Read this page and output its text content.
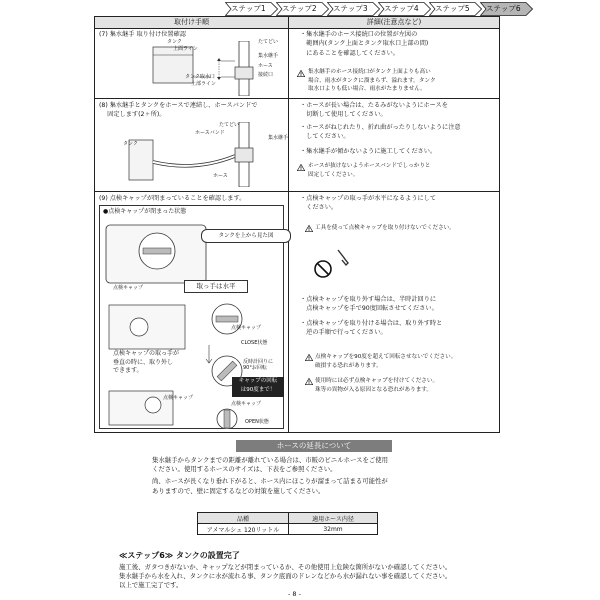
ステップ1 ステップ2 ステップ3 ステップ4 ステップ5 ステップ6
取付け手順	詳細(注意点など)
(7) 集水継手 取り付け位置確認
タンク
上面ライン
たてどい
集水継手
ホース
接続口
タンク取水口
上部ライン
・集水継手のホース接続口の位置が左図の
　範囲内(タンク上面とタンク取水口上部の間)
　にあることを確認してください。
集水継手のホース接続口がタンク上面よりも高い
場合、雨水がタンクに溜まらず、溢れます。タンク
取水口よりも低い場合、雨水がたまりません。
(8) 集水継手とタンクをホースで連結し、ホースバンドで
　 固定します(2ヶ所)。
タンク
たてどい
ホースバンド
集水継手
ホース
・ホースが長い場合は、たるみがないようにホースを
　切断して使用してください。
・ホースがねじれたり、折れ曲がったりしないように注意
　してください。
・集水継手が傾かないように施工してください。
ホースが抜けないようホースバンドでしっかりと
固定してください。
(9) 点検キャップが閉まっていることを確認します。
●点検キャップが閉まった状態
タンクを上から見た図
点検キャップ	取っ手は水平
点検キャップの取っ手が
垂直の時に、取り外し
できます。
点検キャップ
CLOSE状態
反時計回りに
90°お回転
キャップの回転
は90度まで！
点検キャップ
点検キャップ
OPEN状態
・点検キャップの取っ手が水平になるようにして
　ください。
工具を使って点検キャップを取り付けないでください。
・点検キャップを取り外す場合は、半時計回りに
　点検キャップを手で90度回転させてください。
・点検キャップを取り付ける場合は、取り外す時と
　逆の手順で行ってください。
点検キャップを90度を超えて回転させないでください。
破損する恐れがあります。
使用時には必ず点検キャップを付けてください。
珠等の異物が入る原因となる恐れがあります。
ホースの延長について
集水継手からタンクまでの距離が離れている場合は、市販のビニルホースをご使用
ください。使用するホースのサイズは、下表をご参照ください。
尚、ホースが長くなり垂れ下がると、ホース内にほこりが溜まって詰まる可能性が
ありますので、壁に固定するなどの対策を施してください。
品種	適用ホース内径
アメマルシェ 120リットル	32mm
≪ステップ6≫ タンクの設置完了
施工後、ガタつきがないか、キャップなどが閉まっているか、その他使用上危険な箇所がないか確認してください。
集水継手から水を入れ、タンクに水が流れる事、タンク底面のドレンなどから水が漏れない事を確認してください。
以上で施工完了です。
- 8 -
